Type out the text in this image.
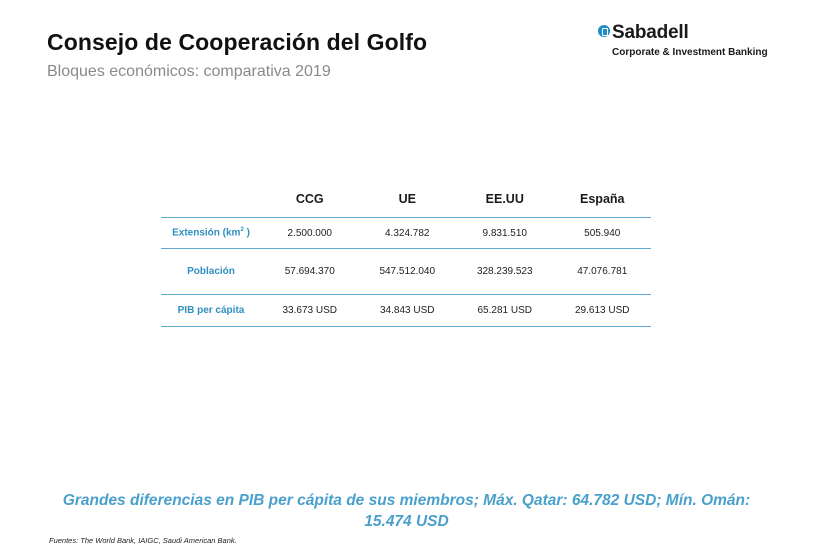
Consejo de Cooperación del Golfo

Bloques económicos: comparativa 2019

Sabadell
Corporate & Investment Banking
	CCG	UE	EE.UU	España
Extensión ($km^2$ )	2.500.000	4.324.782	9.831.510	505.940
Población	57.694.370	547.512.040	328.239.523	47.076.781
PIB per cápita	33.673 USD	34.843 USD	65.281 USD	29.613 USD

Grandes diferencias en PIB per cápita de sus miembros; Máx. Qatar: 64.782 USD; Mín. Omán: 15.474 USD

Fuentes: The World Bank, IAIGC, Saudi American Bank.
